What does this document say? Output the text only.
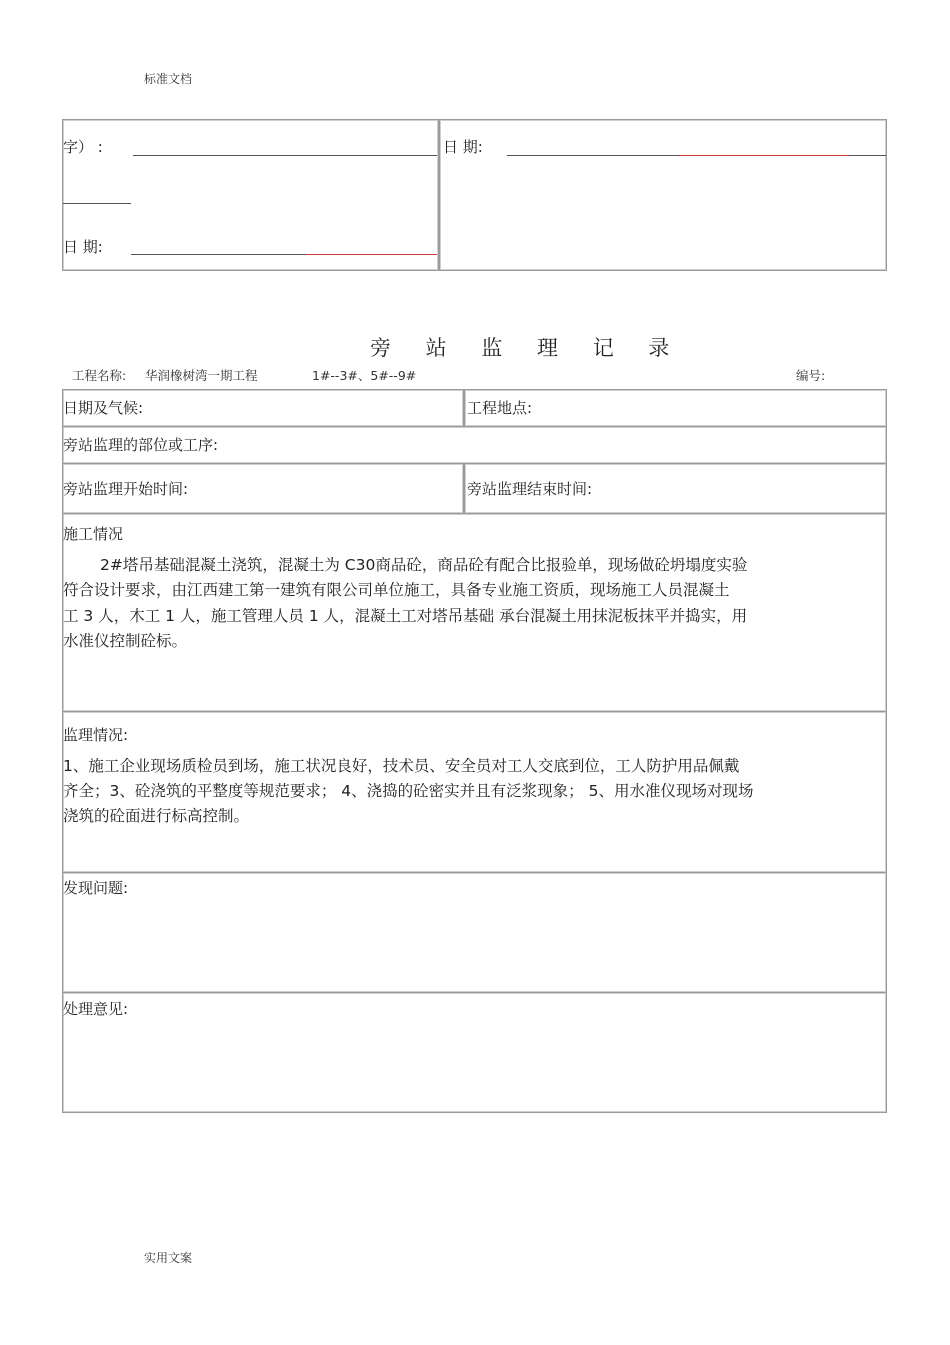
标准文档
实用文案
字） :
日 期:
日 期:
旁 站 监 理 记 录
工程名称: 华润橡树湾一期工程	1#--3#、5#--9#	编号:
日期及气候:	工程地点:
旁站监理的部位或工序:
旁站监理开始时间:	旁站监理结束时间:
施工情况
2#塔吊基础混凝土浇筑，混凝土为 C30商品砼，商品砼有配合比报验单，现场做砼坍塌度实验
符合设计要求，由江西建工第一建筑有限公司单位施工，具备专业施工资质，现场施工人员混凝土
工 3 人，木工 1 人，施工管理人员 1 人，混凝土工对塔吊基础 承台混凝土用抹泥板抹平并捣实，用
水准仪控制砼标。
监理情况:
1、施工企业现场质检员到场，施工状况良好，技术员、安全员对工人交底到位，工人防护用品佩戴
齐全；3、砼浇筑的平整度等规范要求； 4、浇捣的砼密实并且有泛浆现象； 5、用水准仪现场对现场
浇筑的砼面进行标高控制。
发现问题:
处理意见:
